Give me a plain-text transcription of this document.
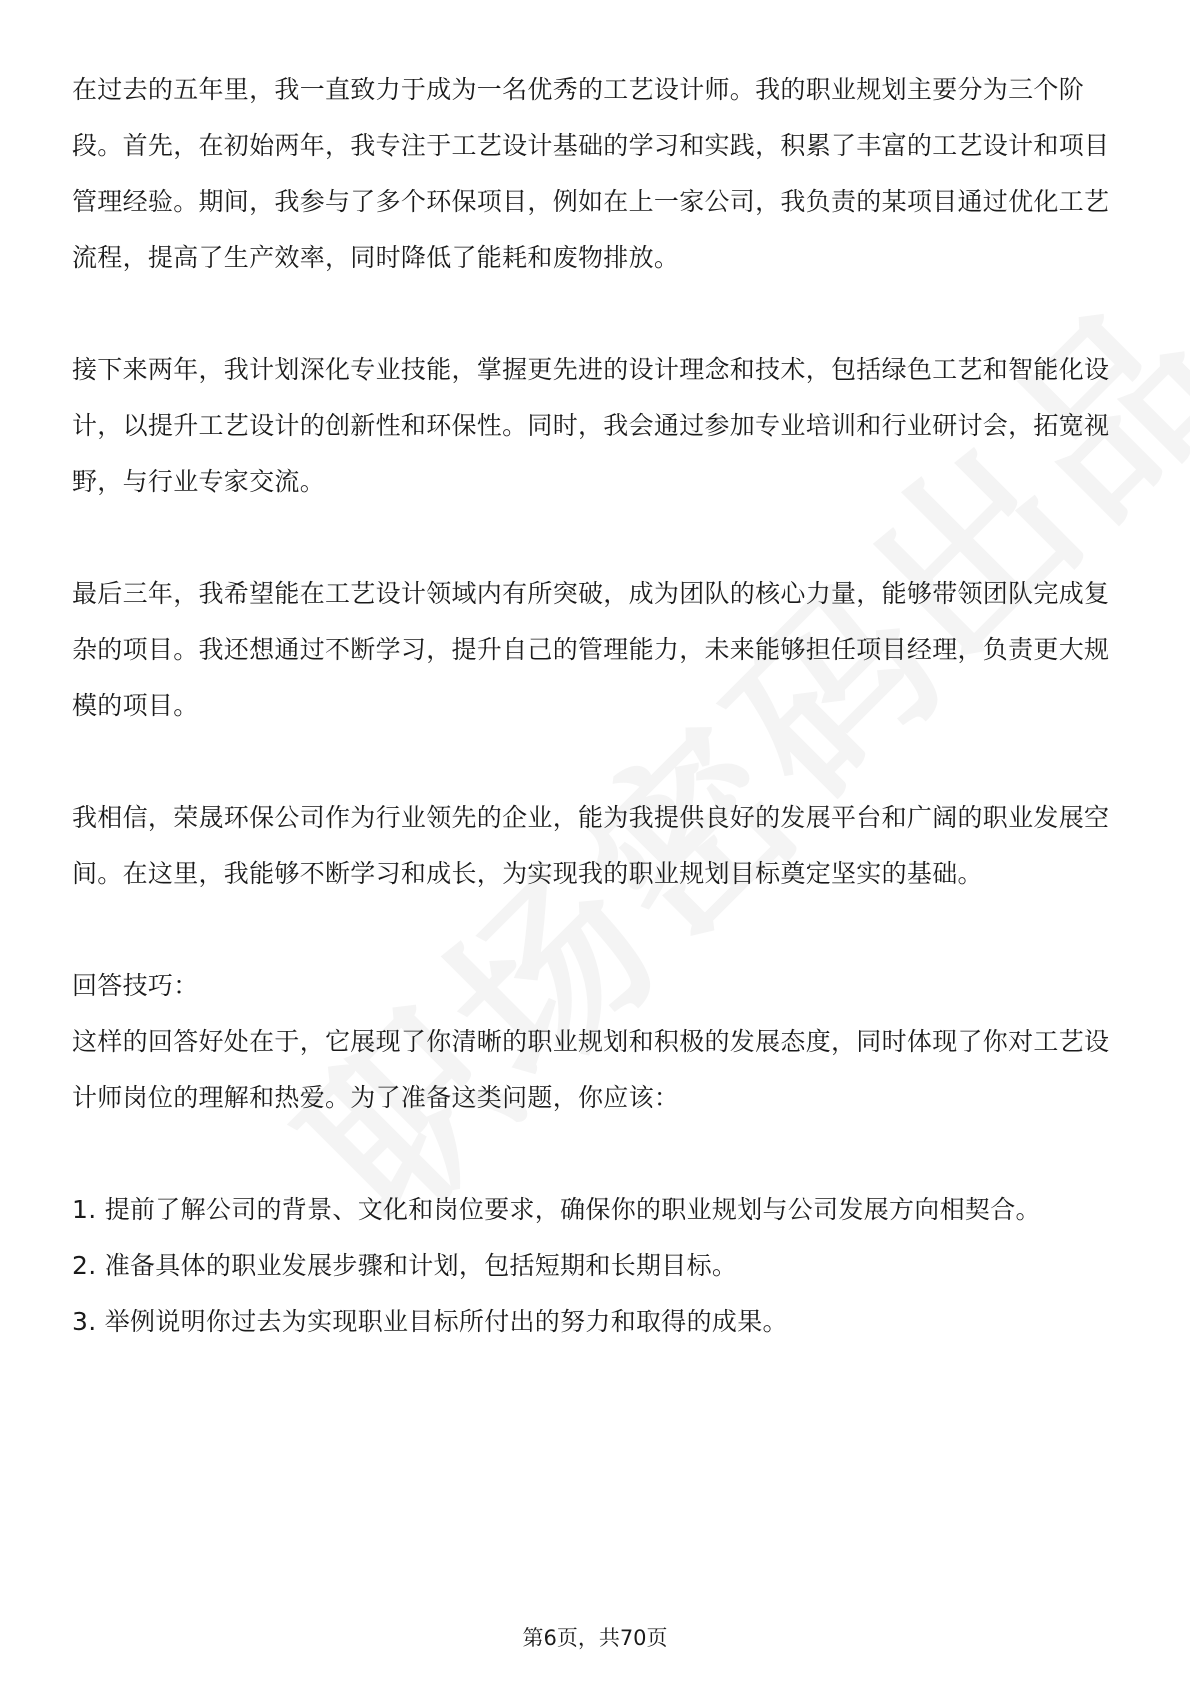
在过去的五年里，我一直致力于成为一名优秀的工艺设计师。我的职业规划主要分为三个阶段。首先，在初始两年，我专注于工艺设计基础的学习和实践，积累了丰富的工艺设计和项目管理经验。期间，我参与了多个环保项目，例如在上一家公司，我负责的某项目通过优化工艺流程，提高了生产效率，同时降低了能耗和废物排放。

接下来两年，我计划深化专业技能，掌握更先进的设计理念和技术，包括绿色工艺和智能化设计，以提升工艺设计的创新性和环保性。同时，我会通过参加专业培训和行业研讨会，拓宽视野，与行业专家交流。

最后三年，我希望能在工艺设计领域内有所突破，成为团队的核心力量，能够带领团队完成复杂的项目。我还想通过不断学习，提升自己的管理能力，未来能够担任项目经理，负责更大规模的项目。

我相信，荣晟环保公司作为行业领先的企业，能为我提供良好的发展平台和广阔的职业发展空间。在这里，我能够不断学习和成长，为实现我的职业规划目标奠定坚实的基础。

回答技巧：

这样的回答好处在于，它展现了你清晰的职业规划和积极的发展态度，同时体现了你对工艺设计师岗位的理解和热爱。为了准备这类问题，你应该：

1. 提前了解公司的背景、文化和岗位要求，确保你的职业规划与公司发展方向相契合。

2. 准备具体的职业发展步骤和计划，包括短期和长期目标。

3. 举例说明你过去为实现职业目标所付出的努力和取得的成果。

第6页，共70页
